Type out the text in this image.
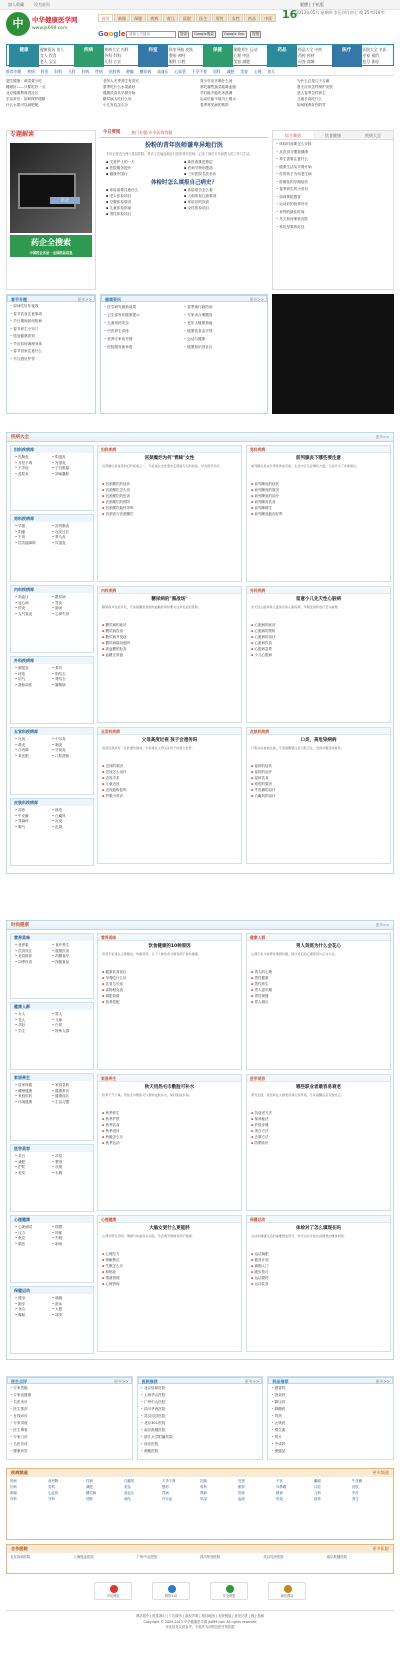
加入收藏	设为首页	繁體 | 手机版
中	中华健康医学网
www.jk699.com
首页	新闻	保健	疾病	育儿	医院	医生	男性	女性	药品	中医 16
2013年05月 星期四 农历四月初七 晴 25℃/18℃
Google 请输入关键词	搜索	Google搜索	Google Seo	搜搜
健康	健康资讯 男人
女人 饮食
老人 宝宝

疾病	疾病大全 内科
外科 妇科
儿科 五官

科室	科室导航 皮肤
整形 神经
眼科 口腔

保健	保健养生 运动
心理 中医
美容 减肥

药品	药品大全 中药
西药 药材
问答 商城

医疗	医院大全 名医
专家 预约
挂号 体检

推荐专题 疾病 科室 妇科 儿科 肝病 性病 皮肤病 肿瘤 糖尿病 高血压 心血管 不孕不育 男科 减肥 美容 心理 育儿
超生健康：黄菜要少吃	老年人冬季养生有讲究	青少年应多喝什么汤	为什么总是口干舌燥
睡眠好——只要吃好一点	夏季吃什么水果最好	常吃哪些蔬菜能降血脂	夏天应该怎样保护皮肤
北京健康教育进社区	健康饮食从早餐开始	孕妇能不能吃冰淇淋	老人春季怎样养生
生活常识：如何保护眼睛	糖尿病人吃什么好	运动后能不能马上喝水	儿童长高吃什么
什么水果可以减肥呢	小儿发烧怎么办	春季常见病的预防	如何保养好你的胃
专题解读
医企
药企全搜索
中国药企名录 · 全国药品信息
今日要闻	热门专题·专业医师答疑
扮粉的青年医师谦卑异地行医
专访记者近日深入基层医院，采访了在偏远地区行医的青年医师，记录了他们平凡而感人的工作与生活。
▪ 关爱护士的一天	▪ 新医改推进基层
▪ 医院服务提升	▪ 医师节特别报道
▪ 健康中国行	▪ 三甲医院名医坐诊
体检时怎么填报自己病史？
▪ 体检前要注意什么	▪ 体检报告怎么看
▪ 老人体检项目	▪ 入职体检注意事项
▪ 空腹体检原因	▪ 体检后的饮食
▪ 儿童体检指南	▪ 女性体检项目
▪ 男性体检项目
综合频道	饮食健康	疾病大全
• 体检时间要怎么安排
• 从饮食习惯看健康
• 养生需要注意什么
• 健康生活从早餐开始
• 你的孩子为何老生病
• 肝硬化的早期症状
• 春季养生的小常识
• 如何预防感冒
• 运动后的营养补充
• 补钙的最佳时间
• 冬天如何保养皮肤
• 常吃坚果的好处
春节专题	更多>>
• 如何吃好年夜饭
• 春节饮食注意事项
• 节日期间如何防病
• 春节养生小窍门
• 旅途健康须知
• 节后如何调理身体
• 春节回家注意什么
• 节日酒后护胃
健康资讯	更多>>
• 医学研究最新成果	• 春季流行病防治
• 卫生部发布健康提示	• 专家谈合理膳食
• 儿童用药安全	• 老年人健康指南
• 中医养生讲座	• 健康饮食金字塔
• 营养专家谈早餐	• 运动与健康
• 医院服务新举措	• 健康知识进社区
疾病大全	更多>>
妇科疾病库
• 乳腺炎	• 阴道炎
• 月经不调	• 宫颈炎
• 不孕症	• 子宫肌瘤
• 盆腔炎	• 卵巢囊肿
男科疾病库
• 早泄	• 前列腺炎
• 阳痿	• 包皮过长
• 不育	• 睾丸炎
• 性功能障碍	• 尿道炎
内科疾病库
• 高血压	• 糖尿病
• 冠心病	• 胃炎
• 肝炎	• 肺炎
• 支气管炎	• 心律失常
外科疾病库
• 阑尾炎	• 骨折
• 痔疮	• 胆结石
• 疝气	• 肾结石
• 静脉曲张	• 腰椎病
五官科疾病库
• 近视	• 中耳炎
• 鼻炎	• 咽炎
• 白内障	• 牙周炎
• 青光眼	• 口腔溃疡
皮肤科疾病库
• 湿疹	• 痤疮
• 牛皮癣	• 白癜风
• 荨麻疹	• 皮炎
• 脚气	• 色斑
妇科疾病
宫颈糜烂为何"青睐"女性
宫颈糜烂是常见的妇科疾病之一，专家建议女性朋友定期进行妇科检查，早发现早治疗。
▪ 宫颈糜烂的症状
▪ 宫颈糜烂怎么治
▪ 宫颈糜烂的危害
▪ 宫颈糜烂的预防
▪ 宫颈糜烂能怀孕吗
▪ 宫颈炎与宫颈糜烂
男科疾病
前列腺炎下哪些要注意
前列腺炎是成年男性的常见病，生活中应注意哪些方面，专家给出了详细建议。
▪ 前列腺炎的症状
▪ 前列腺炎的原因
▪ 前列腺炎的治疗
▪ 前列腺炎饮食
▪ 前列腺增生
▪ 前列腺炎能治好吗
内科疾病
糖尿病的"黑战场"
糖尿病并发症多发，专家提醒患者控制血糖的同时要关注并发症的预防。
▪ 糖尿病的症状
▪ 糖尿病饮食
▪ 糖尿病并发症
▪ 糖尿病能治愈吗
▪ 高血糖的危害
▪ 血糖正常值
外科疾病
留意小儿先天性心脏病
先天性心脏病是儿童常见的心脏疾病，早期发现和治疗至关重要。
▪ 心脏病的症状
▪ 心脏病的预防
▪ 心脏病的治疗
▪ 心脏病饮食
▪ 心脏病急救
▪ 小儿心脏病
五官科疾病
父母高度近视 孩子会遗传吗
高度近视具有一定的遗传倾向，专家建议父母关注孩子的视力发育。
▪ 近视的原因
▪ 近视怎么治疗
▪ 近视手术
▪ 儿童近视
▪ 近视能恢复吗
▪ 护眼小常识
皮肤科疾病
口炎，高危染病病
口腔炎症常被忽视，专家提醒要注意口腔卫生，发现问题及时就医。
▪ 湿疹的症状
▪ 湿疹的治疗
▪ 湿疹饮食
▪ 痤疮的原因
▪ 牛皮癣的治疗
▪ 白癜风的治疗
时尚健康	更多>>
营养美味
• 营养素	• 食疗养生
• 饮食误区	• 健康饮食
• 美食推荐	• 药膳食疗
• 四季饮食	• 保健食品
健康人群
• 女人	• 男人
• 老人	• 儿童
• 孕妇	• 白领
• 学生	• 特殊人群
家居养生
• 居家保健	• 家庭急救
• 睡眠健康	• 健康常识
• 家庭用药	• 健康误区
• 环境健康	• 生活习惯
医学美容
• 美白	• 祛痘
• 减肥	• 整形
• 护肤	• 祛斑
• 美发	• 丰胸
心理健康
• 心理测试	• 情感
• 压力	• 抑郁
• 焦虑	• 失眠
• 婚恋	• 职场
保健运动
• 健身	• 瑜伽
• 跑步	• 游泳
• 登山	• 太极
• 舞蹈	• 球类
营养美味
饮食健康的10种原因
营养专家建议合理膳食，均衡营养，以下十种饮食习惯有助于保持健康。
▪ 健康饮食误区
▪ 早餐吃什么好
▪ 饮食与长寿
▪ 食物相克表
▪ 减肥食谱
▪ 营养搭配
健康人群
男人到底为什么会花心
心理专家分析男性情感问题，探讨背后的心理原因与应对方法。
▪ 男人的心理
▪ 男性健康
▪ 男性养生
▪ 男人更年期
▪ 男性保健
▪ 男人减压
家居养生
秋天用热毛巾敷脸可补水
秋季天气干燥，用热毛巾敷脸可以帮助皮肤补水，保持肌肤水润。
▪ 秋季养生
▪ 秋季护肤
▪ 秋季饮食
▪ 秋季进补
▪ 秋燥怎么办
▪ 秋季运动
医学美容
哪些职业者最容易衰老
研究发现，某些职业人群更容易出现早衰，专家提醒注意劳逸结合。
▪ 抗衰老方法
▪ 保养秘诀
▪ 护肤步骤
▪ 美白方法
▪ 去皱方法
▪ 防晒常识
心理健康
大脑女更什么更能胖
心理学研究表明，情绪与体重存在关联，学会调节情绪有助于健康。
▪ 心理压力
▪ 缓解焦虑
▪ 失眠怎么办
▪ 抑郁症
▪ 情绪管理
▪ 心理咨询
保健运动
体检对了怎么填现在吗
运动是健康生活的重要组成部分，科学运动才能达到理想的健身效果。
▪ 运动减肥
▪ 健身计划
▪ 瑜伽入门
▪ 跑步技巧
▪ 运动损伤
▪ 运动饮食
医生点评	更多>>
• 专家答疑
• 专家谈健康
• 名医坐诊
• 医生推荐
• 在线问诊
• 专家讲座
• 医生博客
• 专家门诊
• 名医访谈
• 健康问答
医院推荐	更多>>
• 北京协和医院
• 上海华山医院
• 广州中山医院
• 四川华西医院
• 武汉同济医院
• 北京301医院
• 南京鼓楼医院
• 浙江大学附属医院
• 西京医院
• 湘雅医院
药品推荐	更多>>
• 感冒药
• 消炎药
• 降压药
• 降糖药
• 胃药
• 止咳药
• 维生素
• 钙片
• 中成药
• 保健品
疾病频道	更多频道
肝病	前列腺	性病	白癜风	不孕不育	乳腺	宫颈	子宫	癫痫	牛皮癣
妇科	男科	减肥	美容	整形	骨科	眼科	耳鼻喉	口腔	皮肤
肿瘤	心血管	糖尿病	高血压	胃病	肾病	肛肠	精神	儿科	中医
内科	外科	呼吸	神经	内分泌	风湿	血液	传染	营养	养生
合作医院	更多医院
北京协和医院	上海瑞金医院	广州中山医院	四川华西医院	武汉同济医院	南京鼓楼医院
可信网站	网络110	安全联盟	诚信网站
网站简介 | 联系我们 | 广告服务 | 版权声明 | 网站地图 | 友情链接 | 意见反馈 | 网上投稿
Copyright © 2009-2013 中华健康医学网 jk699.com All rights reserved
本站信息仅供参考，不能作为诊断及医疗的依据
